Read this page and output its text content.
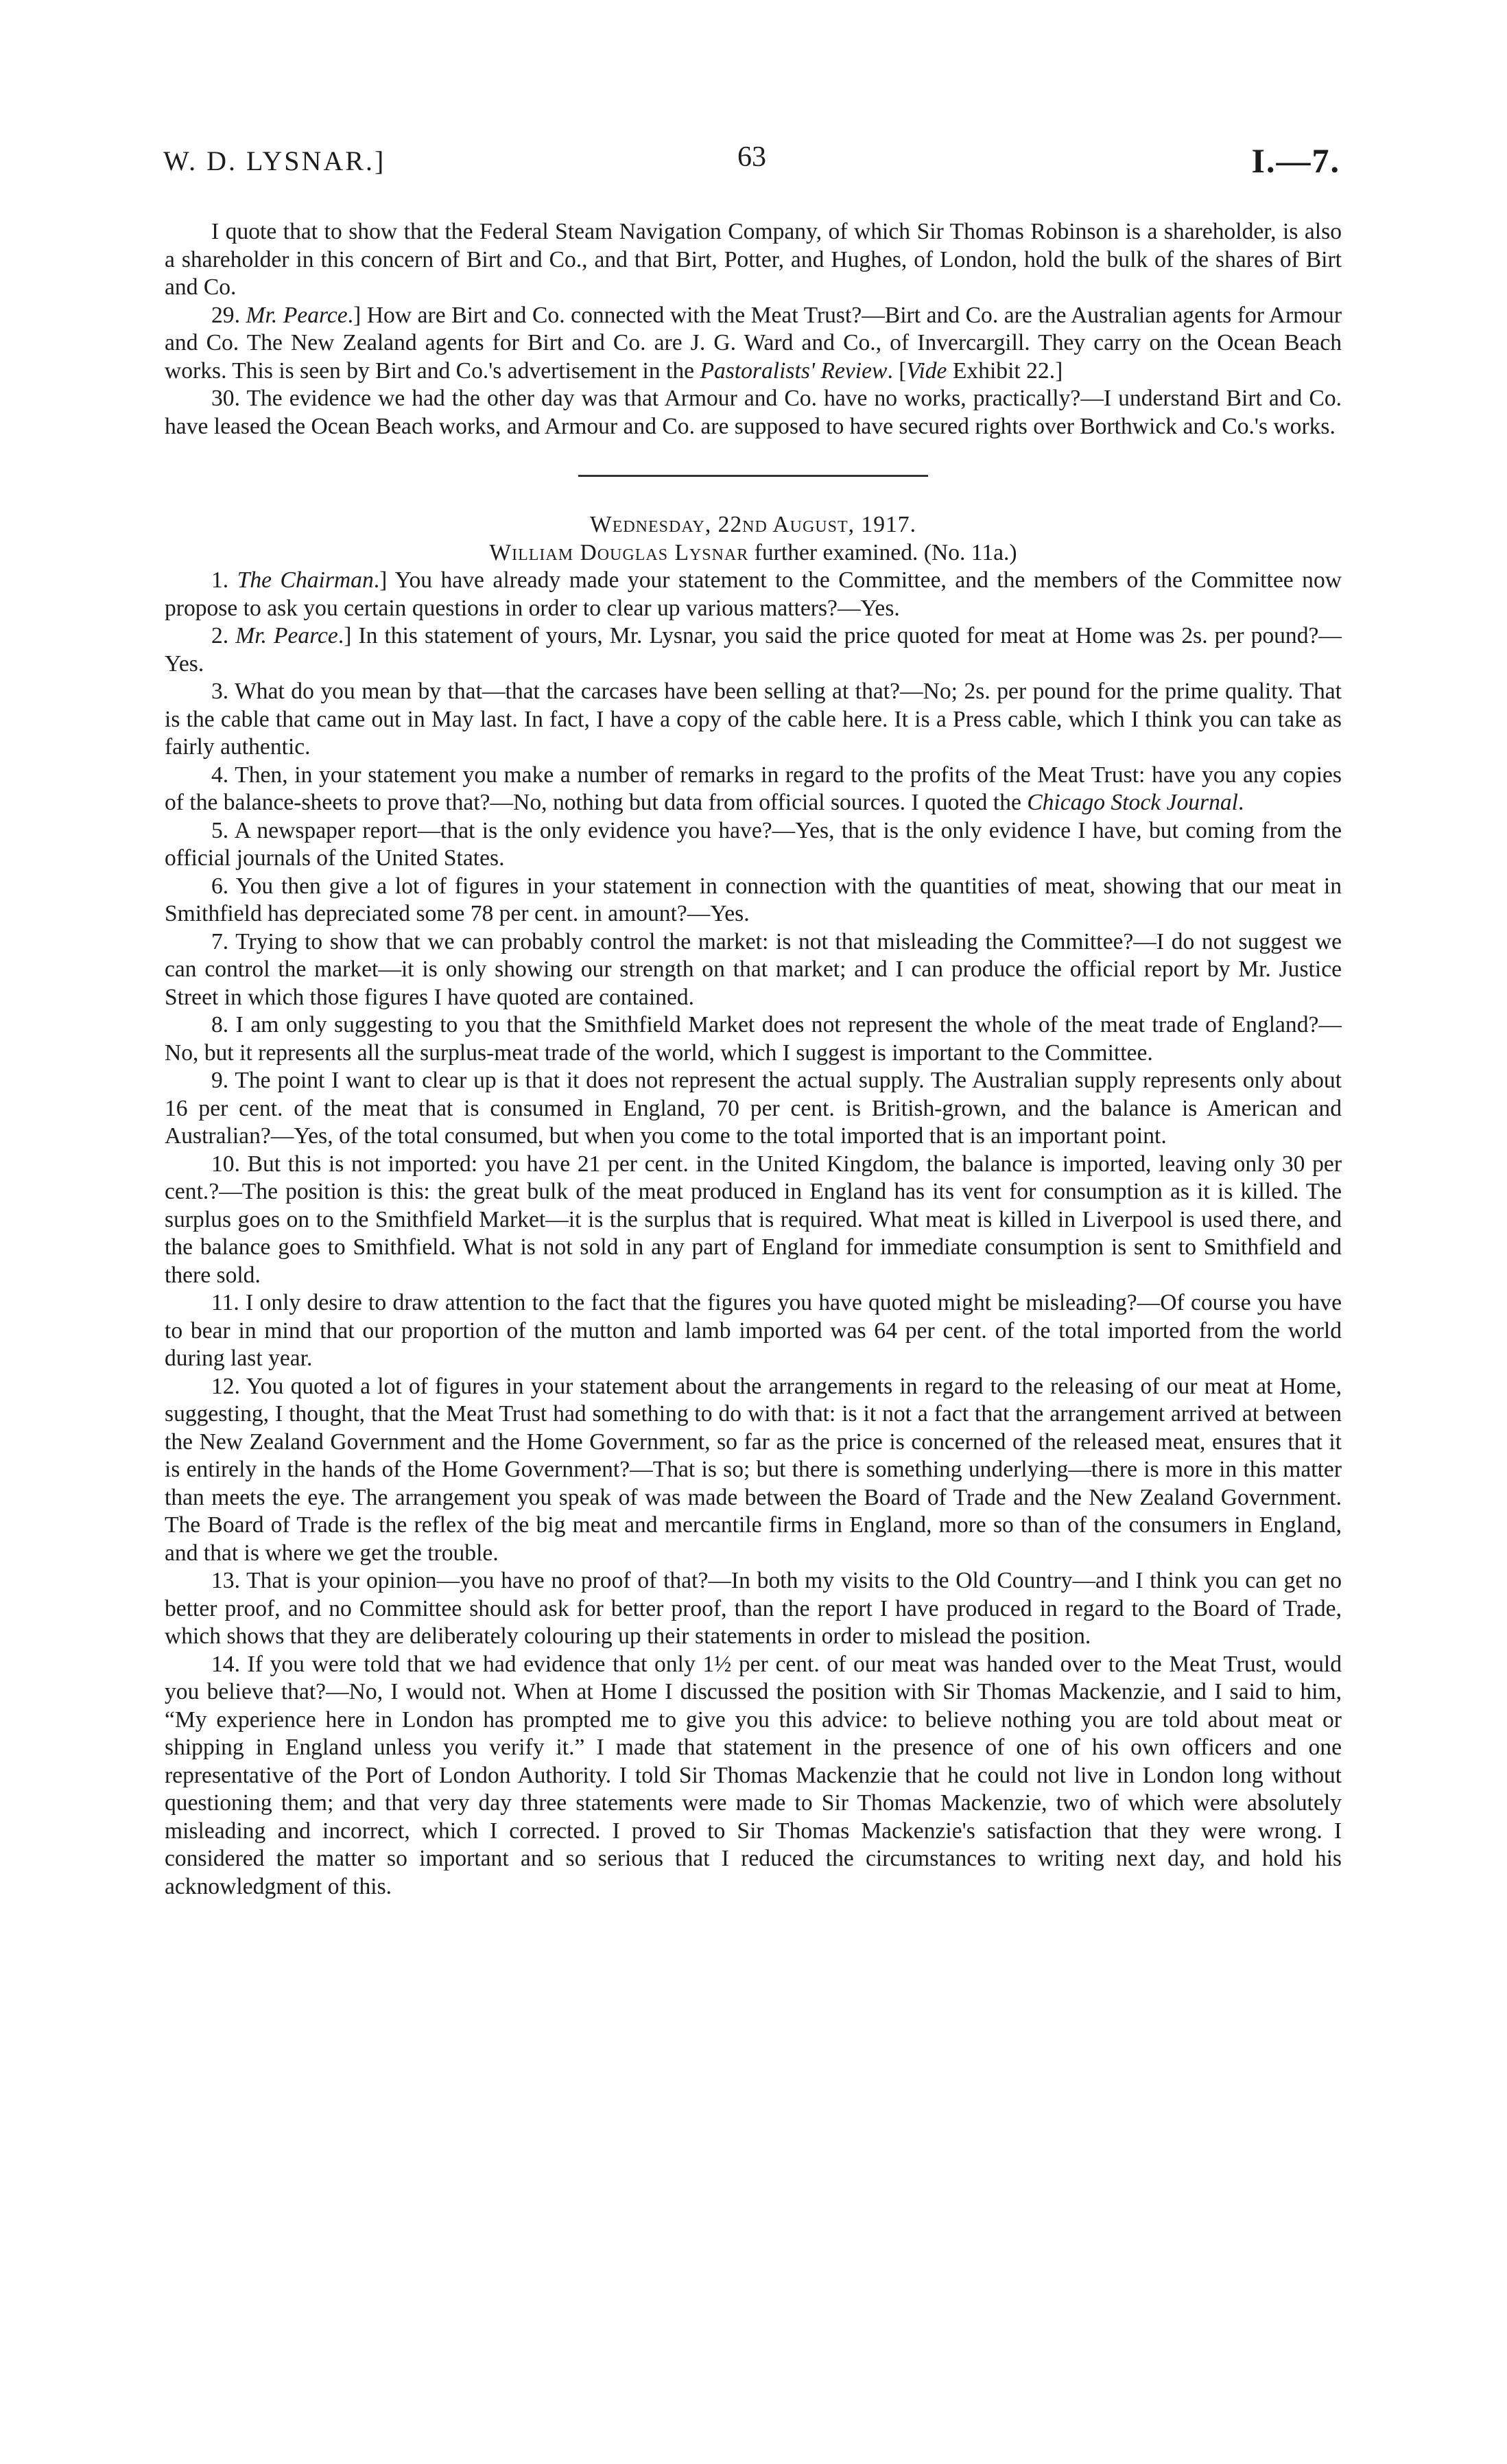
W. D. LYSNAR.]	63	I.—7.

I quote that to show that the Federal Steam Navigation Company, of which Sir Thomas Robinson is a shareholder, is also a shareholder in this concern of Birt and Co., and that Birt, Potter, and Hughes, of London, hold the bulk of the shares of Birt and Co.

29. Mr. Pearce.] How are Birt and Co. connected with the Meat Trust?—Birt and Co. are the Australian agents for Armour and Co. The New Zealand agents for Birt and Co. are J. G. Ward and Co., of Invercargill. They carry on the Ocean Beach works. This is seen by Birt and Co.'s advertisement in the Pastoralists' Review. [Vide Exhibit 22.]

30. The evidence we had the other day was that Armour and Co. have no works, practically?—I understand Birt and Co. have leased the Ocean Beach works, and Armour and Co. are supposed to have secured rights over Borthwick and Co.'s works.

Wednesday, 22nd August, 1917.

William Douglas Lysnar further examined. (No. 11a.)

1. The Chairman.] You have already made your statement to the Committee, and the members of the Committee now propose to ask you certain questions in order to clear up various matters?—Yes.

2. Mr. Pearce.] In this statement of yours, Mr. Lysnar, you said the price quoted for meat at Home was 2s. per pound?—Yes.

3. What do you mean by that—that the carcases have been selling at that?—No; 2s. per pound for the prime quality. That is the cable that came out in May last. In fact, I have a copy of the cable here. It is a Press cable, which I think you can take as fairly authentic.

4. Then, in your statement you make a number of remarks in regard to the profits of the Meat Trust: have you any copies of the balance-sheets to prove that?—No, nothing but data from official sources. I quoted the Chicago Stock Journal.

5. A newspaper report—that is the only evidence you have?—Yes, that is the only evidence I have, but coming from the official journals of the United States.

6. You then give a lot of figures in your statement in connection with the quantities of meat, showing that our meat in Smithfield has depreciated some 78 per cent. in amount?—Yes.

7. Trying to show that we can probably control the market: is not that misleading the Committee?—I do not suggest we can control the market—it is only showing our strength on that market; and I can produce the official report by Mr. Justice Street in which those figures I have quoted are contained.

8. I am only suggesting to you that the Smithfield Market does not represent the whole of the meat trade of England?—No, but it represents all the surplus-meat trade of the world, which I suggest is important to the Committee.

9. The point I want to clear up is that it does not represent the actual supply. The Australian supply represents only about 16 per cent. of the meat that is consumed in England, 70 per cent. is British-grown, and the balance is American and Australian?—Yes, of the total consumed, but when you come to the total imported that is an important point.

10. But this is not imported: you have 21 per cent. in the United Kingdom, the balance is imported, leaving only 30 per cent.?—The position is this: the great bulk of the meat produced in England has its vent for consumption as it is killed. The surplus goes on to the Smithfield Market—it is the surplus that is required. What meat is killed in Liverpool is used there, and the balance goes to Smithfield. What is not sold in any part of England for immediate consumption is sent to Smithfield and there sold.

11. I only desire to draw attention to the fact that the figures you have quoted might be misleading?—Of course you have to bear in mind that our proportion of the mutton and lamb imported was 64 per cent. of the total imported from the world during last year.

12. You quoted a lot of figures in your statement about the arrangements in regard to the releasing of our meat at Home, suggesting, I thought, that the Meat Trust had something to do with that: is it not a fact that the arrangement arrived at between the New Zealand Government and the Home Government, so far as the price is concerned of the released meat, ensures that it is entirely in the hands of the Home Government?—That is so; but there is something underlying—there is more in this matter than meets the eye. The arrangement you speak of was made between the Board of Trade and the New Zealand Government. The Board of Trade is the reflex of the big meat and mercantile firms in England, more so than of the consumers in England, and that is where we get the trouble.

13. That is your opinion—you have no proof of that?—In both my visits to the Old Country—and I think you can get no better proof, and no Committee should ask for better proof, than the report I have produced in regard to the Board of Trade, which shows that they are deliberately colouring up their statements in order to mislead the position.

14. If you were told that we had evidence that only 1½ per cent. of our meat was handed over to the Meat Trust, would you believe that?—No, I would not. When at Home I discussed the position with Sir Thomas Mackenzie, and I said to him, “My experience here in London has prompted me to give you this advice: to believe nothing you are told about meat or shipping in England unless you verify it.” I made that statement in the presence of one of his own officers and one representative of the Port of London Authority. I told Sir Thomas Mackenzie that he could not live in London long without questioning them; and that very day three statements were made to Sir Thomas Mackenzie, two of which were absolutely misleading and incorrect, which I corrected. I proved to Sir Thomas Mackenzie's satisfaction that they were wrong. I considered the matter so important and so serious that I reduced the circumstances to writing next day, and hold his acknowledgment of this.
